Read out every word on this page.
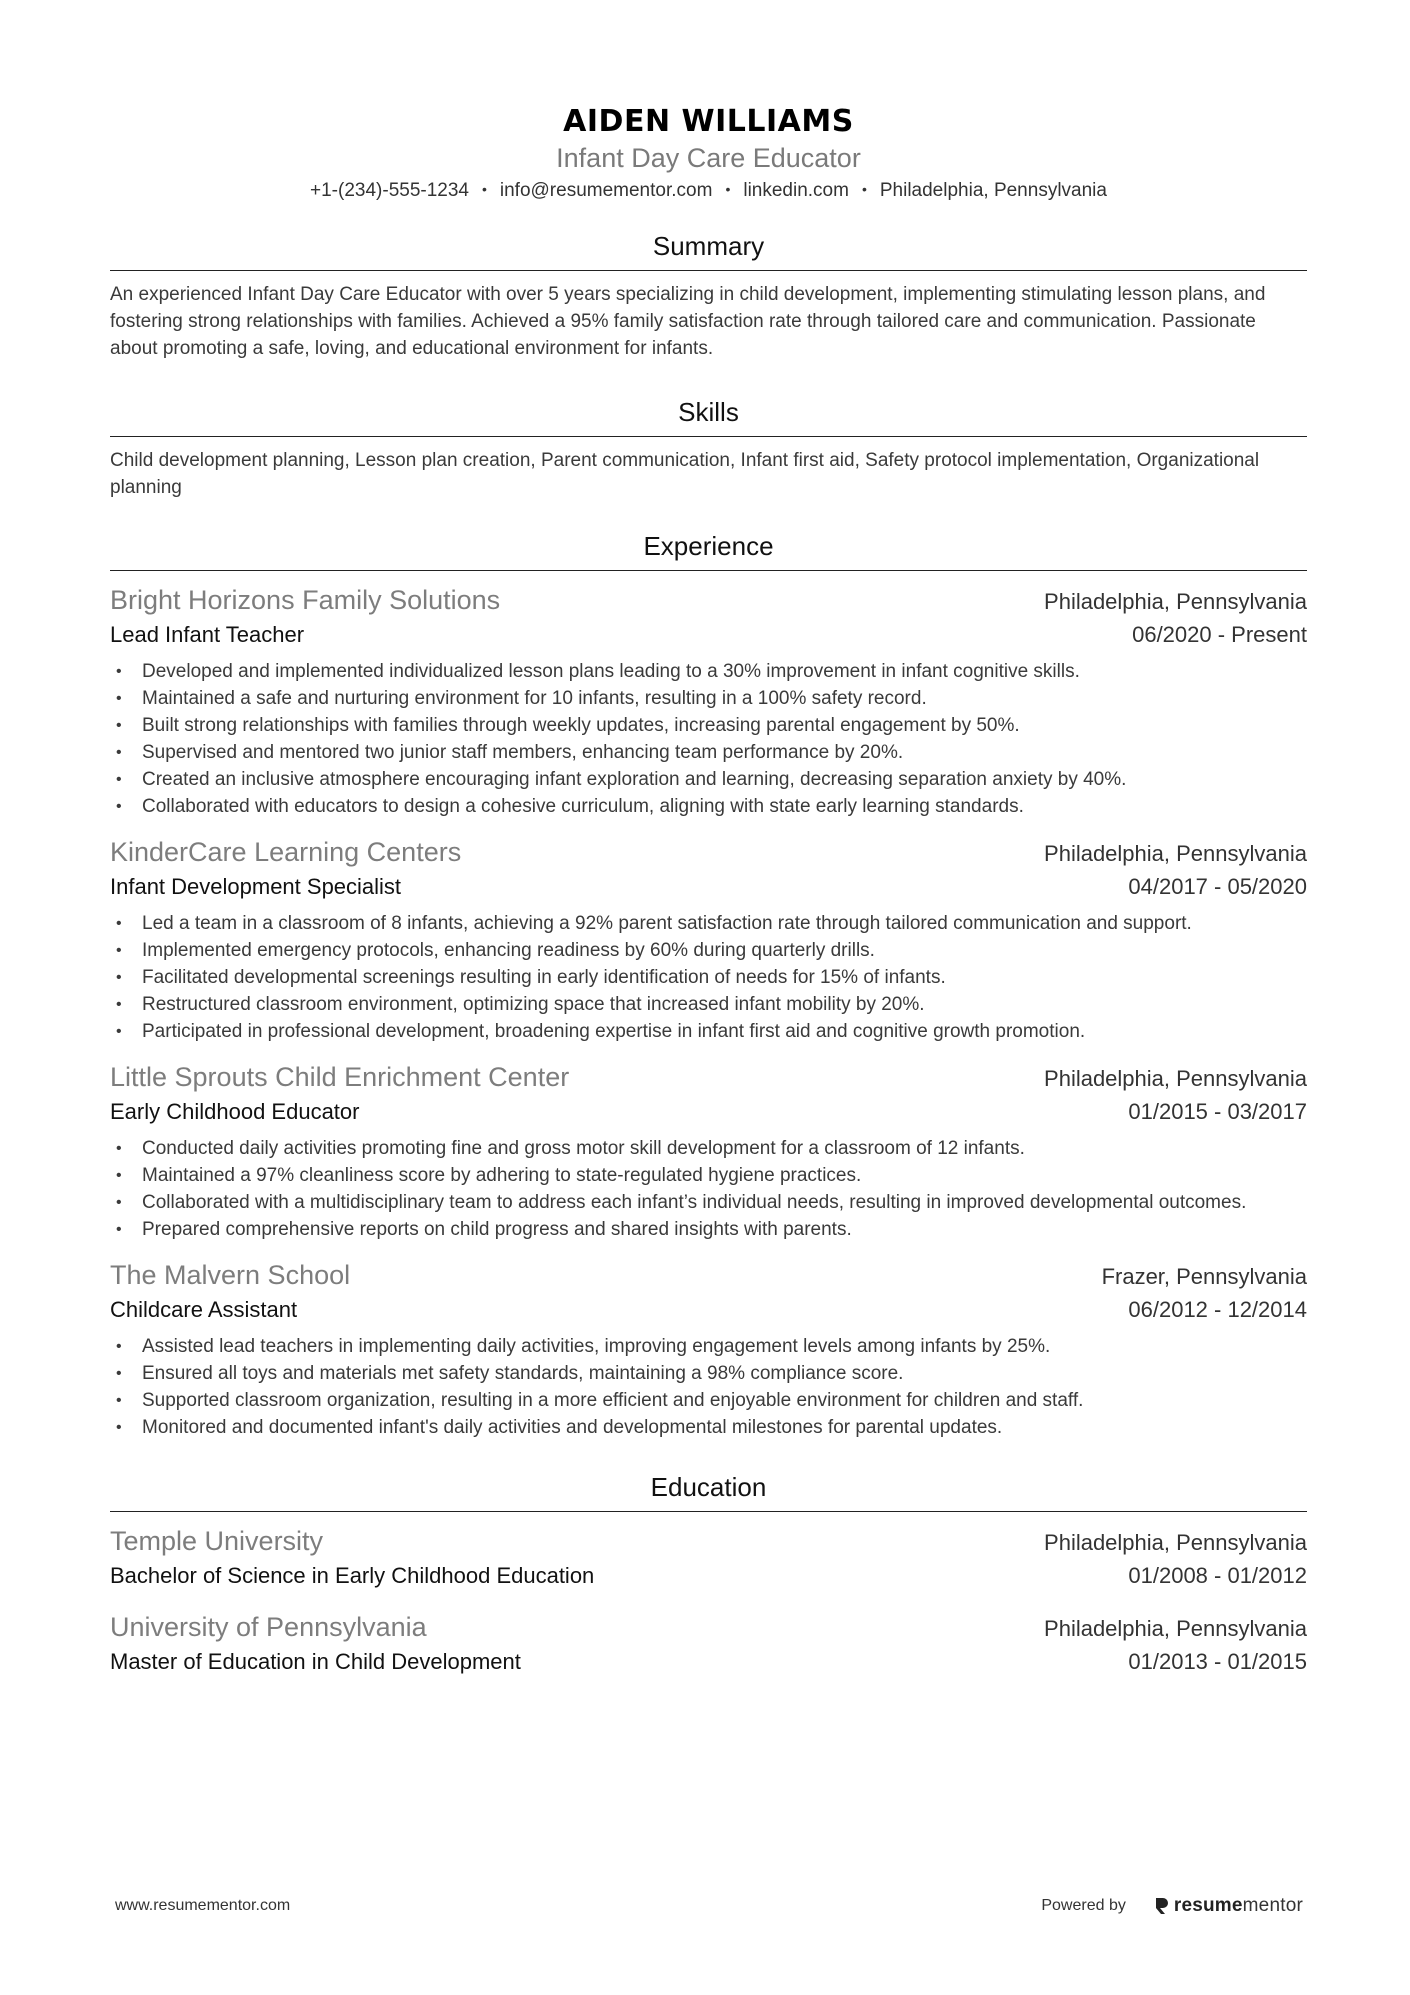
AIDEN WILLIAMS
Infant Day Care Educator
+1-(234)-555-1234 • info@resumementor.com • linkedin.com • Philadelphia, Pennsylvania
Summary
An experienced Infant Day Care Educator with over 5 years specializing in child development, implementing stimulating lesson plans, and fostering strong relationships with families. Achieved a 95% family satisfaction rate through tailored care and communication. Passionate about promoting a safe, loving, and educational environment for infants.
Skills
Child development planning, Lesson plan creation, Parent communication, Infant first aid, Safety protocol implementation, Organizational planning
Experience
Bright Horizons Family Solutions	Philadelphia, Pennsylvania
Lead Infant Teacher	06/2020 - Present
• Developed and implemented individualized lesson plans leading to a 30% improvement in infant cognitive skills.
• Maintained a safe and nurturing environment for 10 infants, resulting in a 100% safety record.
• Built strong relationships with families through weekly updates, increasing parental engagement by 50%.
• Supervised and mentored two junior staff members, enhancing team performance by 20%.
• Created an inclusive atmosphere encouraging infant exploration and learning, decreasing separation anxiety by 40%.
• Collaborated with educators to design a cohesive curriculum, aligning with state early learning standards.
KinderCare Learning Centers	Philadelphia, Pennsylvania
Infant Development Specialist	04/2017 - 05/2020
• Led a team in a classroom of 8 infants, achieving a 92% parent satisfaction rate through tailored communication and support.
• Implemented emergency protocols, enhancing readiness by 60% during quarterly drills.
• Facilitated developmental screenings resulting in early identification of needs for 15% of infants.
• Restructured classroom environment, optimizing space that increased infant mobility by 20%.
• Participated in professional development, broadening expertise in infant first aid and cognitive growth promotion.
Little Sprouts Child Enrichment Center	Philadelphia, Pennsylvania
Early Childhood Educator	01/2015 - 03/2017
• Conducted daily activities promoting fine and gross motor skill development for a classroom of 12 infants.
• Maintained a 97% cleanliness score by adhering to state-regulated hygiene practices.
• Collaborated with a multidisciplinary team to address each infant’s individual needs, resulting in improved developmental outcomes.
• Prepared comprehensive reports on child progress and shared insights with parents.
The Malvern School	Frazer, Pennsylvania
Childcare Assistant	06/2012 - 12/2014
• Assisted lead teachers in implementing daily activities, improving engagement levels among infants by 25%.
• Ensured all toys and materials met safety standards, maintaining a 98% compliance score.
• Supported classroom organization, resulting in a more efficient and enjoyable environment for children and staff.
• Monitored and documented infant's daily activities and developmental milestones for parental updates.
Education
Temple University	Philadelphia, Pennsylvania
Bachelor of Science in Early Childhood Education	01/2008 - 01/2012
University of Pennsylvania	Philadelphia, Pennsylvania
Master of Education in Child Development	01/2013 - 01/2015
www.resumementor.com	Powered by	resume mentor
